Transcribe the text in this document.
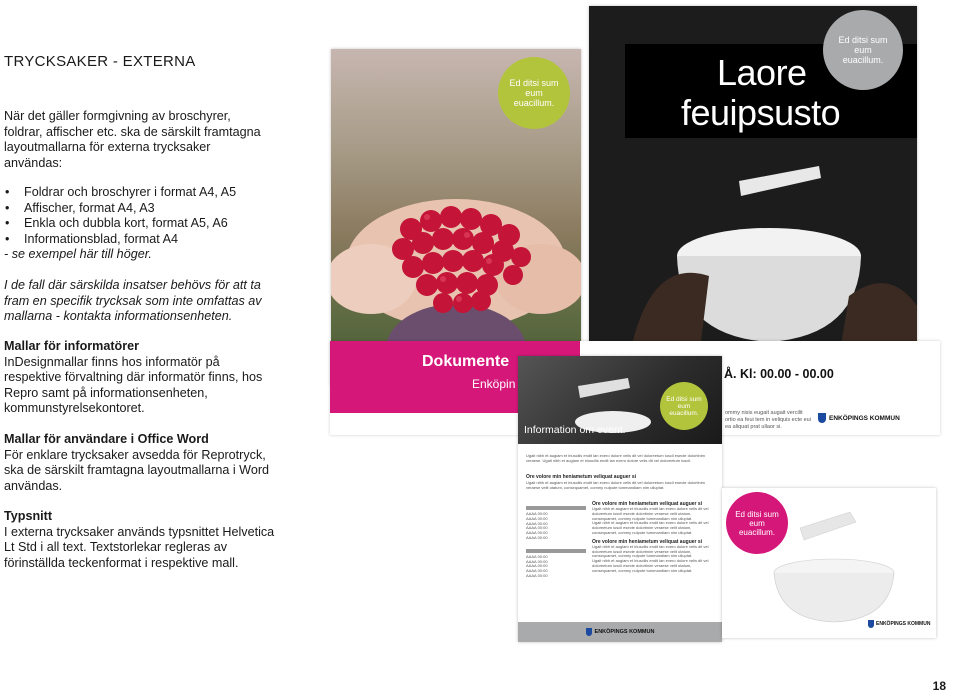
TRYCKSAKER - EXTERNA
När det gäller formgivning av broschyrer, foldrar, affischer etc. ska de särskilt framtagna layoutmallarna för externa trycksaker användas:
• Foldrar och broschyrer i format A4, A5
• Affischer, format A4, A3
• Enkla och dubbla kort, format A5, A6
• Informationsblad, format A4
- se exempel här till höger.
I de fall där särskilda insatser behövs för att ta fram en specifik trycksak som inte omfattas av mallarna - kontakta informationsenheten.
Mallar för informatörer

InDesignmallar finns hos informatör på respektive förvaltning där informatör finns, hos Repro samt på informationsenheten, kommunstyrelsekontoret.

Mallar för användare i Office Word

För enklare trycksaker avsedda för Reprotryck, ska de särskilt framtagna layoutmallarna i Word användas.

Typsnitt

I externa trycksaker används typsnittet Helvetica Lt Std i all text. Textstorlekar regleras av förinställda teckenformat i respektive mall.

Ed ditsi sum eum euacillum.
Laore
feuipsusto
Ed ditsi sum eum euacillum.
Dokumente
Enköpin
Å. Kl: 00.00 - 00.00
ommy nisis eugait augait vercilit ortio ea feui tem in veliquis ecte eui ea aliquat prat ullaor si.
ENKÖPINGS KOMMUN
Information om event.
Ed ditsi sum eum euacillum.
Ugait nibh et augiam et iriuscilis endit lan exero dolore velis dit vel doloreetum iuscil esecte dolortinim veraese. Ugait nibh et augiam et iriuscilis endit lan exero dolore velis dit vel doloreetum iuscil.
Ore volore min heniametum veliquat auguer si
Ugait nibh et augiam et iriuscilis endit lan exero dolore velis dit vel doloreetum iuscil esecte dolortinim veraese velit utatum, consequamet, commy nulpute tummandiam nim ulluptat.
AAAA 00:00
AAAA 00:00
AAAA 00:00
AAAA 00:00
AAAA 00:00
AAAA 00:00
AAAA 00:00
AAAA 00:00
AAAA 00:00
AAAA 00:00
AAAA 00:00
Ore volore min heniametum veliquat auguer si
Ugait nibh et augiam et iriuscilis endit lan exero dolore velis dit vel doloreetum iuscil esecte dolortinim veraese velit utatum, consequamet, commy nulpute tummandiam nim ulluptat.
Ugait nibh et augiam et iriuscilis endit lan exero dolore velis dit vel doloreetum iuscil esecte dolortinim veraese velit utatum, consequamet, commy nulpute tummandiam nim ulluptat.
Ore volore min heniametum veliquat auguer si
Ugait nibh et augiam et iriuscilis endit lan exero dolore velis dit vel doloreetum iuscil esecte dolortinim veraese velit utatum, consequamet, commy nulpute tummandiam nim ulluptat.
Ugait nibh et augiam et iriuscilis endit lan exero dolore velis dit vel doloreetum iuscil esecte dolortinim veraese velit utatum, consequamet, commy nulpute tummandiam nim ulluptat.
ENKÖPINGS KOMMUN
Ed ditsi sum eum euacillum.
ENKÖPINGS KOMMUN
18
